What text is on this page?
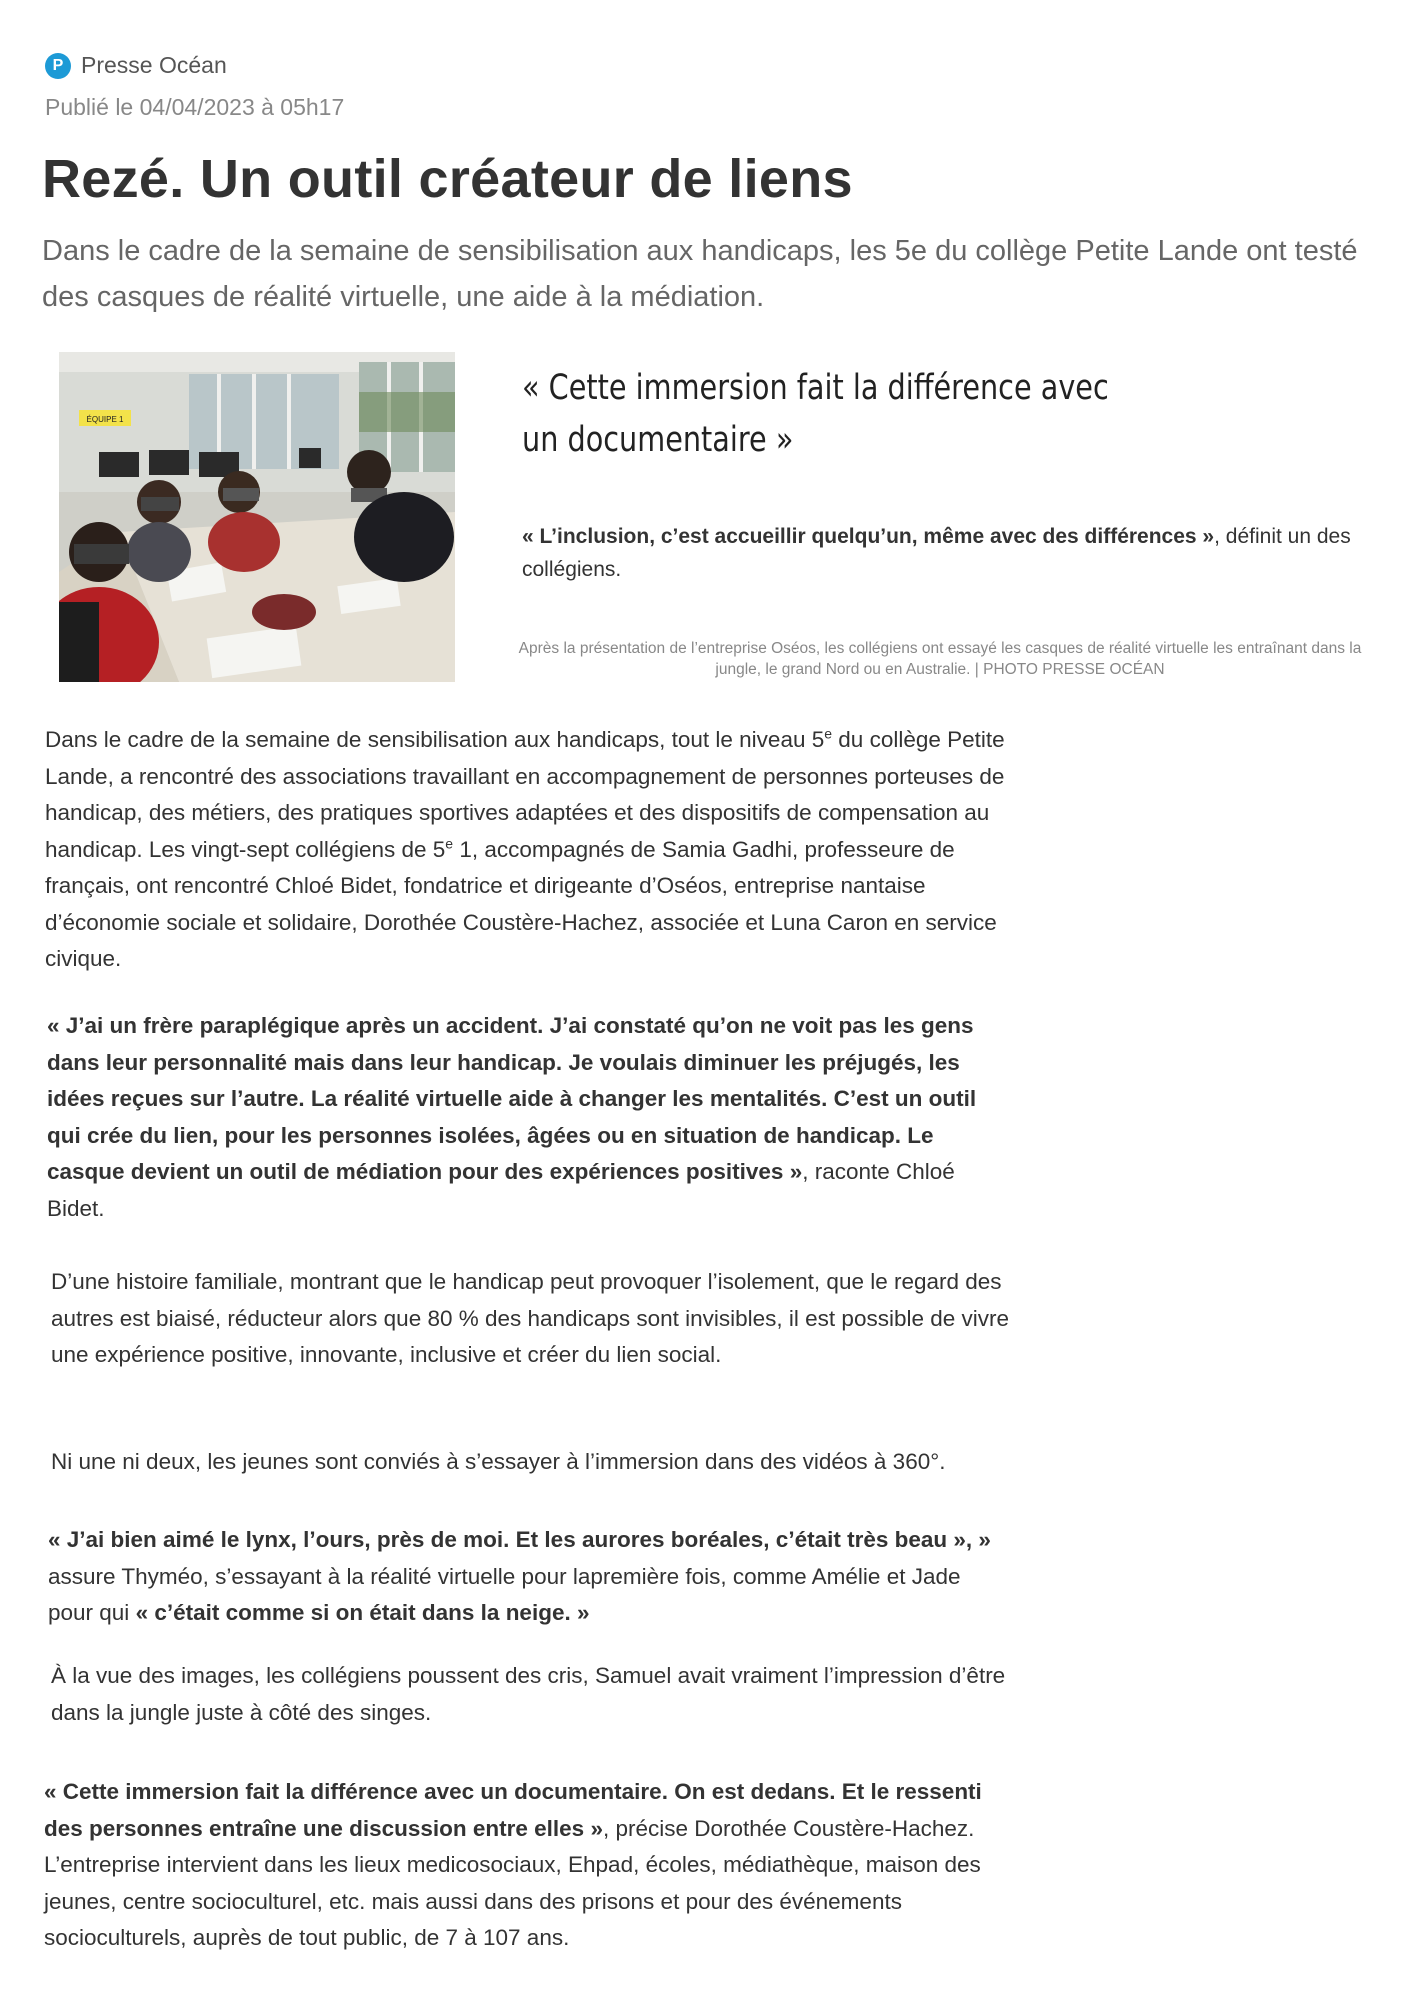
P Presse Océan
Publié le 04/04/2023 à 05h17
Rezé. Un outil créateur de liens

Dans le cadre de la semaine de sensibilisation aux handicaps, les 5e du collège Petite Lande ont testé des casques de réalité virtuelle, une aide à la médiation.

ÉQUIPE 1
« Cette immersion fait la différence avec un documentaire »

« L’inclusion, c’est accueillir quelqu’un, même avec des différences », définit un des collégiens.

Après la présentation de l’entreprise Oséos, les collégiens ont essayé les casques de réalité virtuelle les entraînant dans la jungle, le grand Nord ou en Australie. | PHOTO PRESSE OCÉAN

Dans le cadre de la semaine de sensibilisation aux handicaps, tout le niveau 5e du collège Petite Lande, a rencontré des associations travaillant en accompagnement de personnes porteuses de handicap, des métiers, des pratiques sportives adaptées et des dispositifs de compensation au handicap. Les vingt-sept collégiens de 5e 1, accompagnés de Samia Gadhi, professeure de français, ont rencontré Chloé Bidet, fondatrice et dirigeante d’Oséos, entreprise nantaise d’économie sociale et solidaire, Dorothée Coustère-Hachez, associée et Luna Caron en service civique.

« J’ai un frère paraplégique après un accident. J’ai constaté qu’on ne voit pas les gens dans leur personnalité mais dans leur handicap. Je voulais diminuer les préjugés, les idées reçues sur l’autre. La réalité virtuelle aide à changer les mentalités. C’est un outil qui crée du lien, pour les personnes isolées, âgées ou en situation de handicap. Le casque devient un outil de médiation pour des expériences positives », raconte Chloé Bidet.

D’une histoire familiale, montrant que le handicap peut provoquer l’isolement, que le regard des autres est biaisé, réducteur alors que 80 % des handicaps sont invisibles, il est possible de vivre une expérience positive, innovante, inclusive et créer du lien social.

Ni une ni deux, les jeunes sont conviés à s’essayer à l’immersion dans des vidéos à 360°.

« J’ai bien aimé le lynx, l’ours, près de moi. Et les aurores boréales, c’était très beau », » assure Thyméo, s’essayant à la réalité virtuelle pour lapremière fois, comme Amélie et Jade pour qui « c’était comme si on était dans la neige. »

À la vue des images, les collégiens poussent des cris, Samuel avait vraiment l’impression d’être dans la jungle juste à côté des singes.

« Cette immersion fait la différence avec un documentaire. On est dedans. Et le ressenti des personnes entraîne une discussion entre elles », précise Dorothée Coustère-Hachez. L’entreprise intervient dans les lieux medicosociaux, Ehpad, écoles, médiathèque, maison des jeunes, centre socioculturel, etc. mais aussi dans des prisons et pour des événements socioculturels, auprès de tout public, de 7 à 107 ans.
